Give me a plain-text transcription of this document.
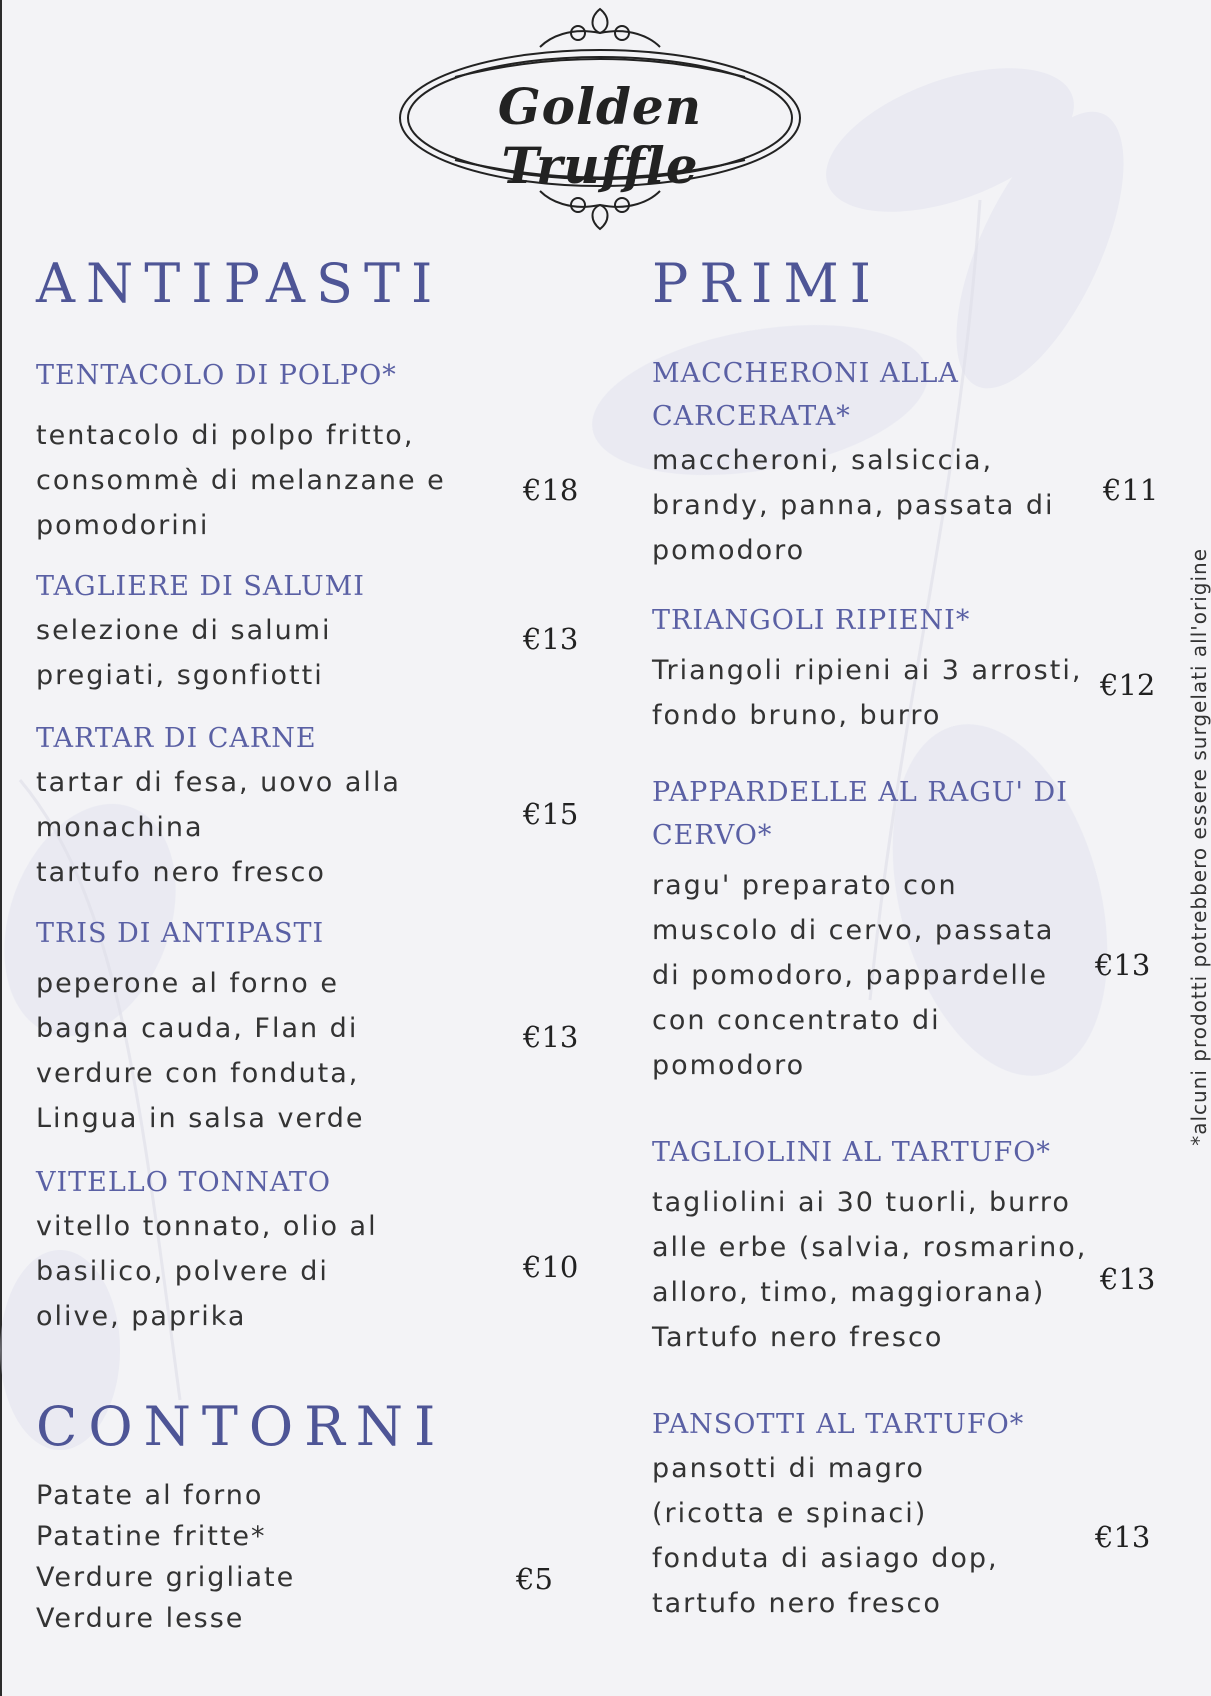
Golden Truffle
ANTIPASTI
TENTACOLO DI POLPO*
tentacolo di polpo fritto,
consommè di melanzane e
pomodorini
€18
TAGLIERE DI SALUMI
selezione di salumi
pregiati, sgonfiotti
€13
TARTAR DI CARNE
tartar di fesa, uovo alla
monachina
tartufo nero fresco
€15
TRIS DI ANTIPASTI
peperone al forno e
bagna cauda, Flan di
verdure con fonduta,
Lingua in salsa verde
€13
VITELLO TONNATO
vitello tonnato, olio al
basilico, polvere di
olive, paprika
€10
CONTORNI
Patate al forno
Patatine fritte*
Verdure grigliate
Verdure lesse
€5
PRIMI
MACCHERONI ALLA
CARCERATA*
maccheroni, salsiccia,
brandy, panna, passata di
pomodoro
€11
TRIANGOLI RIPIENI*
Triangoli ripieni ai 3 arrosti,
fondo bruno, burro
€12
PAPPARDELLE AL RAGU' DI
CERVO*
ragu' preparato con
muscolo di cervo, passata
di pomodoro, pappardelle
con concentrato di
pomodoro
€13
TAGLIOLINI AL TARTUFO*
tagliolini ai 30 tuorli, burro
alle erbe (salvia, rosmarino,
alloro, timo, maggiorana)
Tartufo nero fresco
€13
PANSOTTI AL TARTUFO*
pansotti di magro
(ricotta e spinaci)
fonduta di asiago dop,
tartufo nero fresco
€13
*alcuni prodotti potrebbero essere surgelati all'origine
